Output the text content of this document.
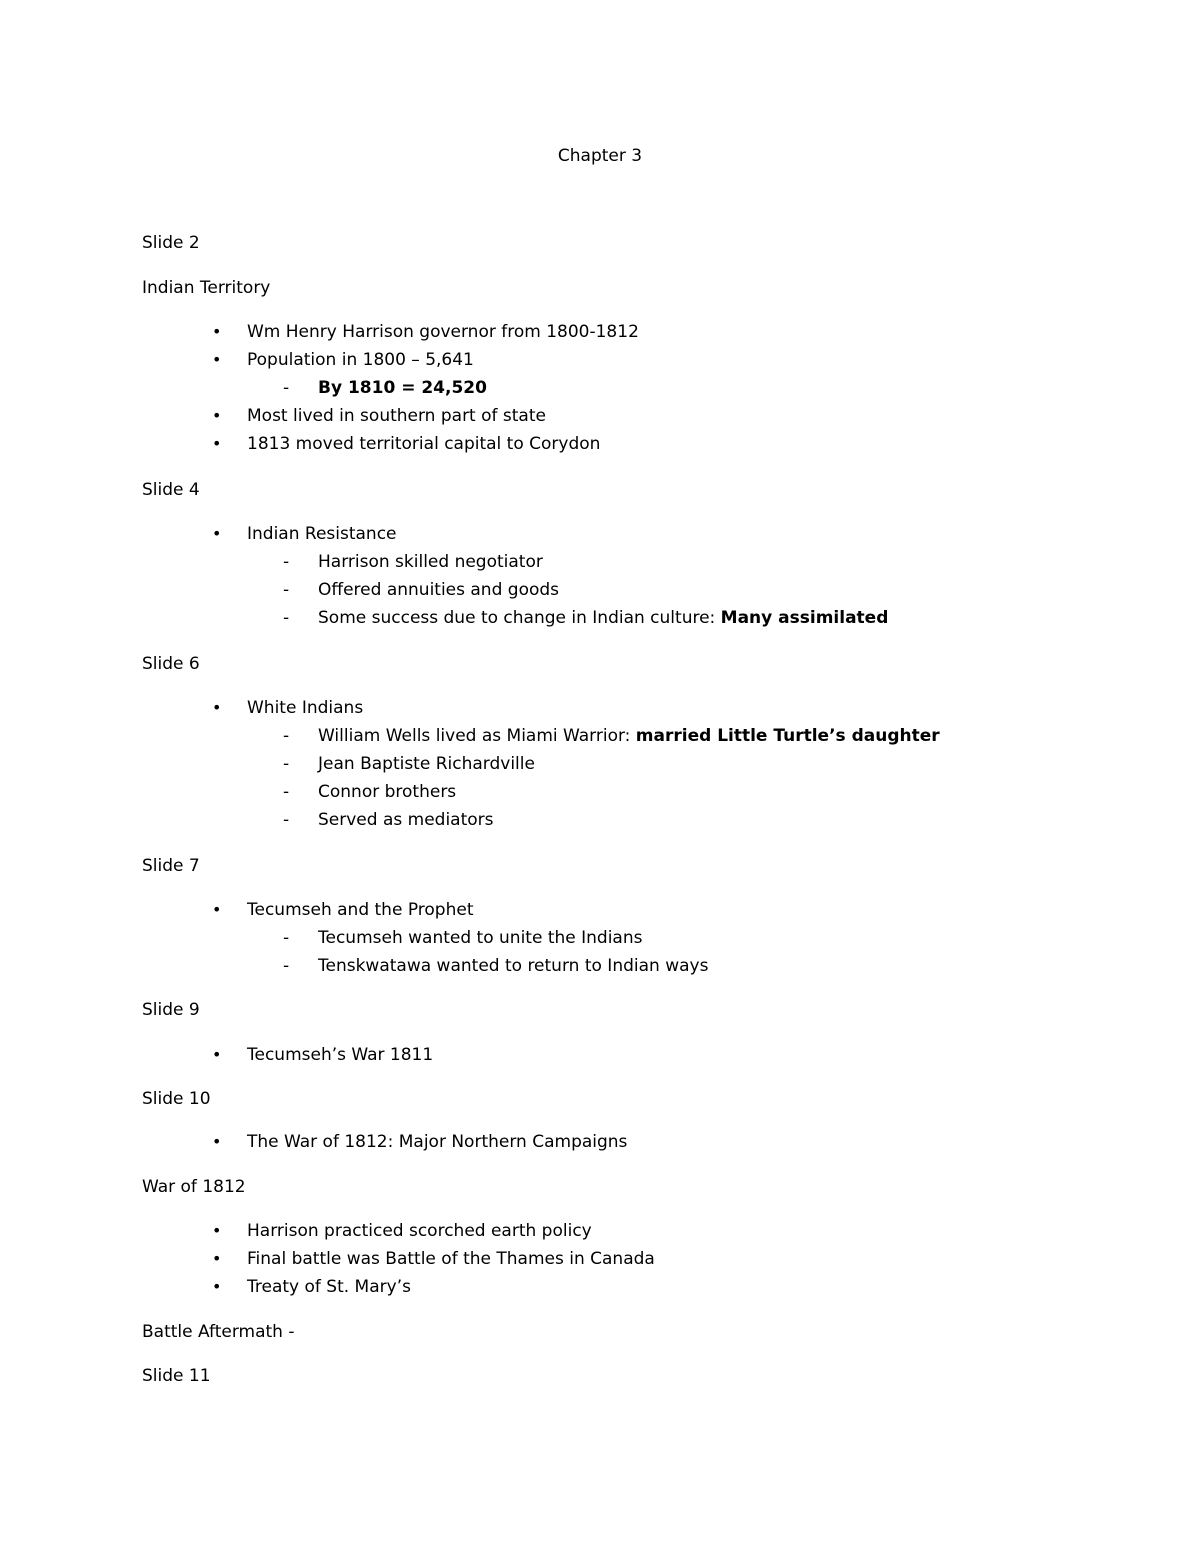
Chapter 3
Slide 2
Indian Territory
• Wm Henry Harrison governor from 1800-1812
• Population in 1800 – 5,641
- By 1810 = 24,520
• Most lived in southern part of state
• 1813 moved territorial capital to Corydon
Slide 4
• Indian Resistance
- Harrison skilled negotiator
- Offered annuities and goods
- Some success due to change in Indian culture: Many assimilated
Slide 6
• White Indians
- William Wells lived as Miami Warrior: married Little Turtle’s daughter
- Jean Baptiste Richardville
- Connor brothers
- Served as mediators
Slide 7
• Tecumseh and the Prophet
- Tecumseh wanted to unite the Indians
- Tenskwatawa wanted to return to Indian ways
Slide 9
• Tecumseh’s War 1811
Slide 10
• The War of 1812: Major Northern Campaigns
War of 1812
• Harrison practiced scorched earth policy
• Final battle was Battle of the Thames in Canada
• Treaty of St. Mary’s
Battle Aftermath -
Slide 11
